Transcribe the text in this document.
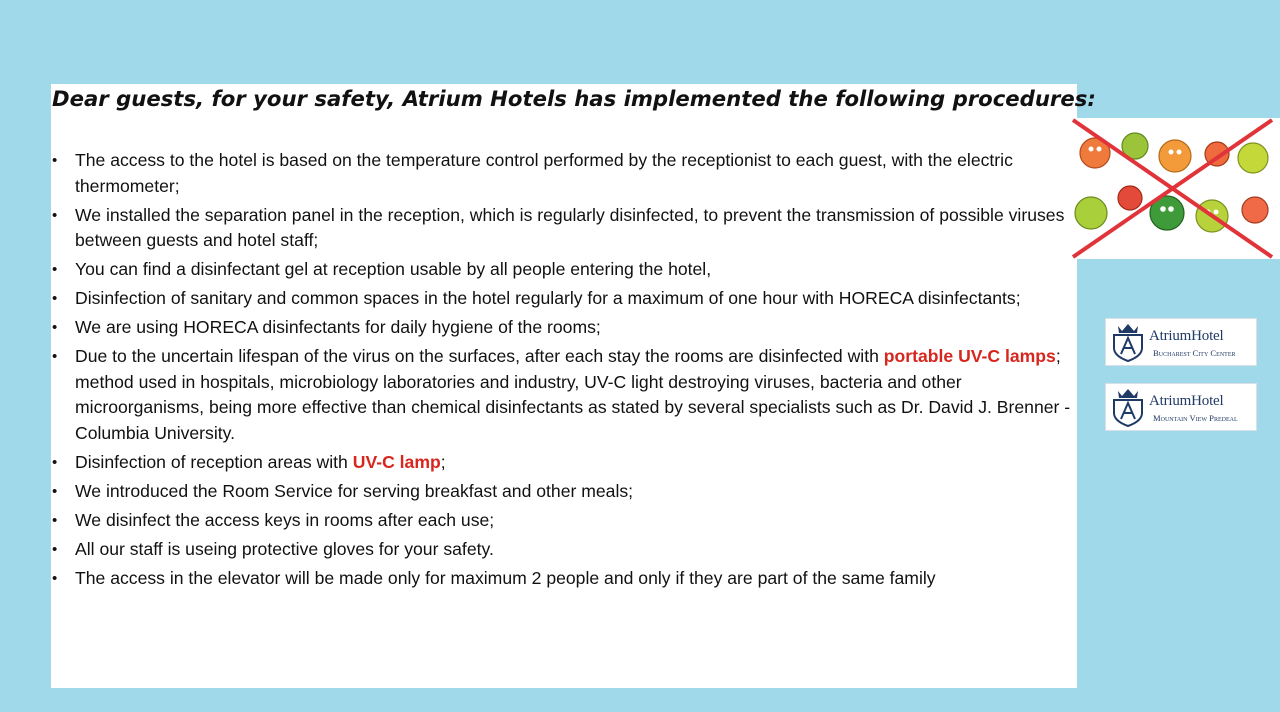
Dear guests, for your safety, Atrium Hotels has implemented the following procedures:
• The access to the hotel is based on the temperature control performed by the receptionist to each guest, with the electric thermometer;
• We installed the separation panel in the reception, which is regularly disinfected, to prevent the transmission of possible viruses between guests and hotel staff;
• You can find a disinfectant gel at reception usable by all people entering the hotel,
• Disinfection of sanitary and common spaces in the hotel regularly for a maximum of one hour with HORECA disinfectants;
• We are using HORECA disinfectants for daily hygiene of the rooms;
• Due to the uncertain lifespan of the virus on the surfaces, after each stay the rooms are disinfected with portable UV-C lamps; method used in hospitals, microbiology laboratories and industry, UV-C light destroying viruses, bacteria and other microorganisms, being more effective than chemical disinfectants as stated by several specialists such as Dr. David J. Brenner - Columbia University.
• Disinfection of reception areas with UV-C lamp;
• We introduced the Room Service for serving breakfast and other meals;
• We disinfect the access keys in rooms after each use;
• All our staff is useing protective gloves for your safety.
• The access in the elevator will be made only for maximum 2 people and only if they are part of the same family
AtriumHotel
Bucharest City Center
AtriumHotel
Mountain View Predeal
